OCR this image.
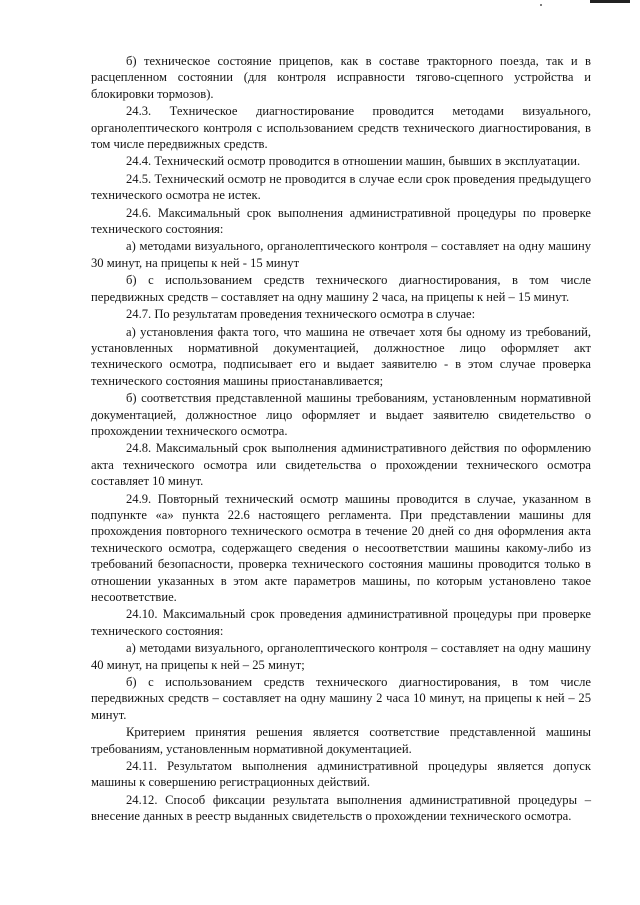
б) техническое состояние прицепов, как в составе тракторного поезда, так и в расцепленном состоянии (для контроля исправности тягово-сцепного устройства и блокировки тормозов).

24.3. Техническое диагностирование проводится методами визуального, органолептического контроля с использованием средств технического диагностирования, в том числе передвижных средств.

24.4. Технический осмотр проводится в отношении машин, бывших в эксплуатации.

24.5. Технический осмотр не проводится в случае если срок проведения предыдущего технического осмотра не истек.

24.6. Максимальный срок выполнения административной процедуры по проверке технического состояния:

а) методами визуального, органолептического контроля – составляет на одну машину 30 минут, на прицепы к ней - 15 минут

б) с использованием средств технического диагностирования, в том числе передвижных средств – составляет на одну машину 2 часа, на прицепы к ней – 15 минут.

24.7. По результатам проведения технического осмотра в случае:

а) установления факта того, что машина не отвечает хотя бы одному из требований, установленных нормативной документацией, должностное лицо оформляет акт технического осмотра, подписывает его и выдает заявителю - в этом случае проверка технического состояния машины приостанавливается;

б) соответствия представленной машины требованиям, установленным нормативной документацией, должностное лицо оформляет и выдает заявителю свидетельство о прохождении технического осмотра.

24.8. Максимальный срок выполнения административного действия по оформлению акта технического осмотра или свидетельства о прохождении технического осмотра составляет 10 минут.

24.9. Повторный технический осмотр машины проводится в случае, указанном в подпункте «а» пункта 22.6 настоящего регламента. При представлении машины для прохождения повторного технического осмотра в течение 20 дней со дня оформления акта технического осмотра, содержащего сведения о несоответствии машины какому-либо из требований безопасности, проверка технического состояния машины проводится только в отношении указанных в этом акте параметров машины, по которым установлено такое несоответствие.

24.10. Максимальный срок проведения административной процедуры при проверке технического состояния:

а) методами визуального, органолептического контроля – составляет на одну машину 40 минут, на прицепы к ней – 25 минут;

б) с использованием средств технического диагностирования, в том числе передвижных средств – составляет на одну машину 2 часа 10 минут, на прицепы к ней – 25 минут.

Критерием принятия решения является соответствие представленной машины требованиям, установленным нормативной документацией.

24.11. Результатом выполнения административной процедуры является допуск машины к совершению регистрационных действий.

24.12. Способ фиксации результата выполнения административной процедуры – внесение данных в реестр выданных свидетельств о прохождении технического осмотра.
